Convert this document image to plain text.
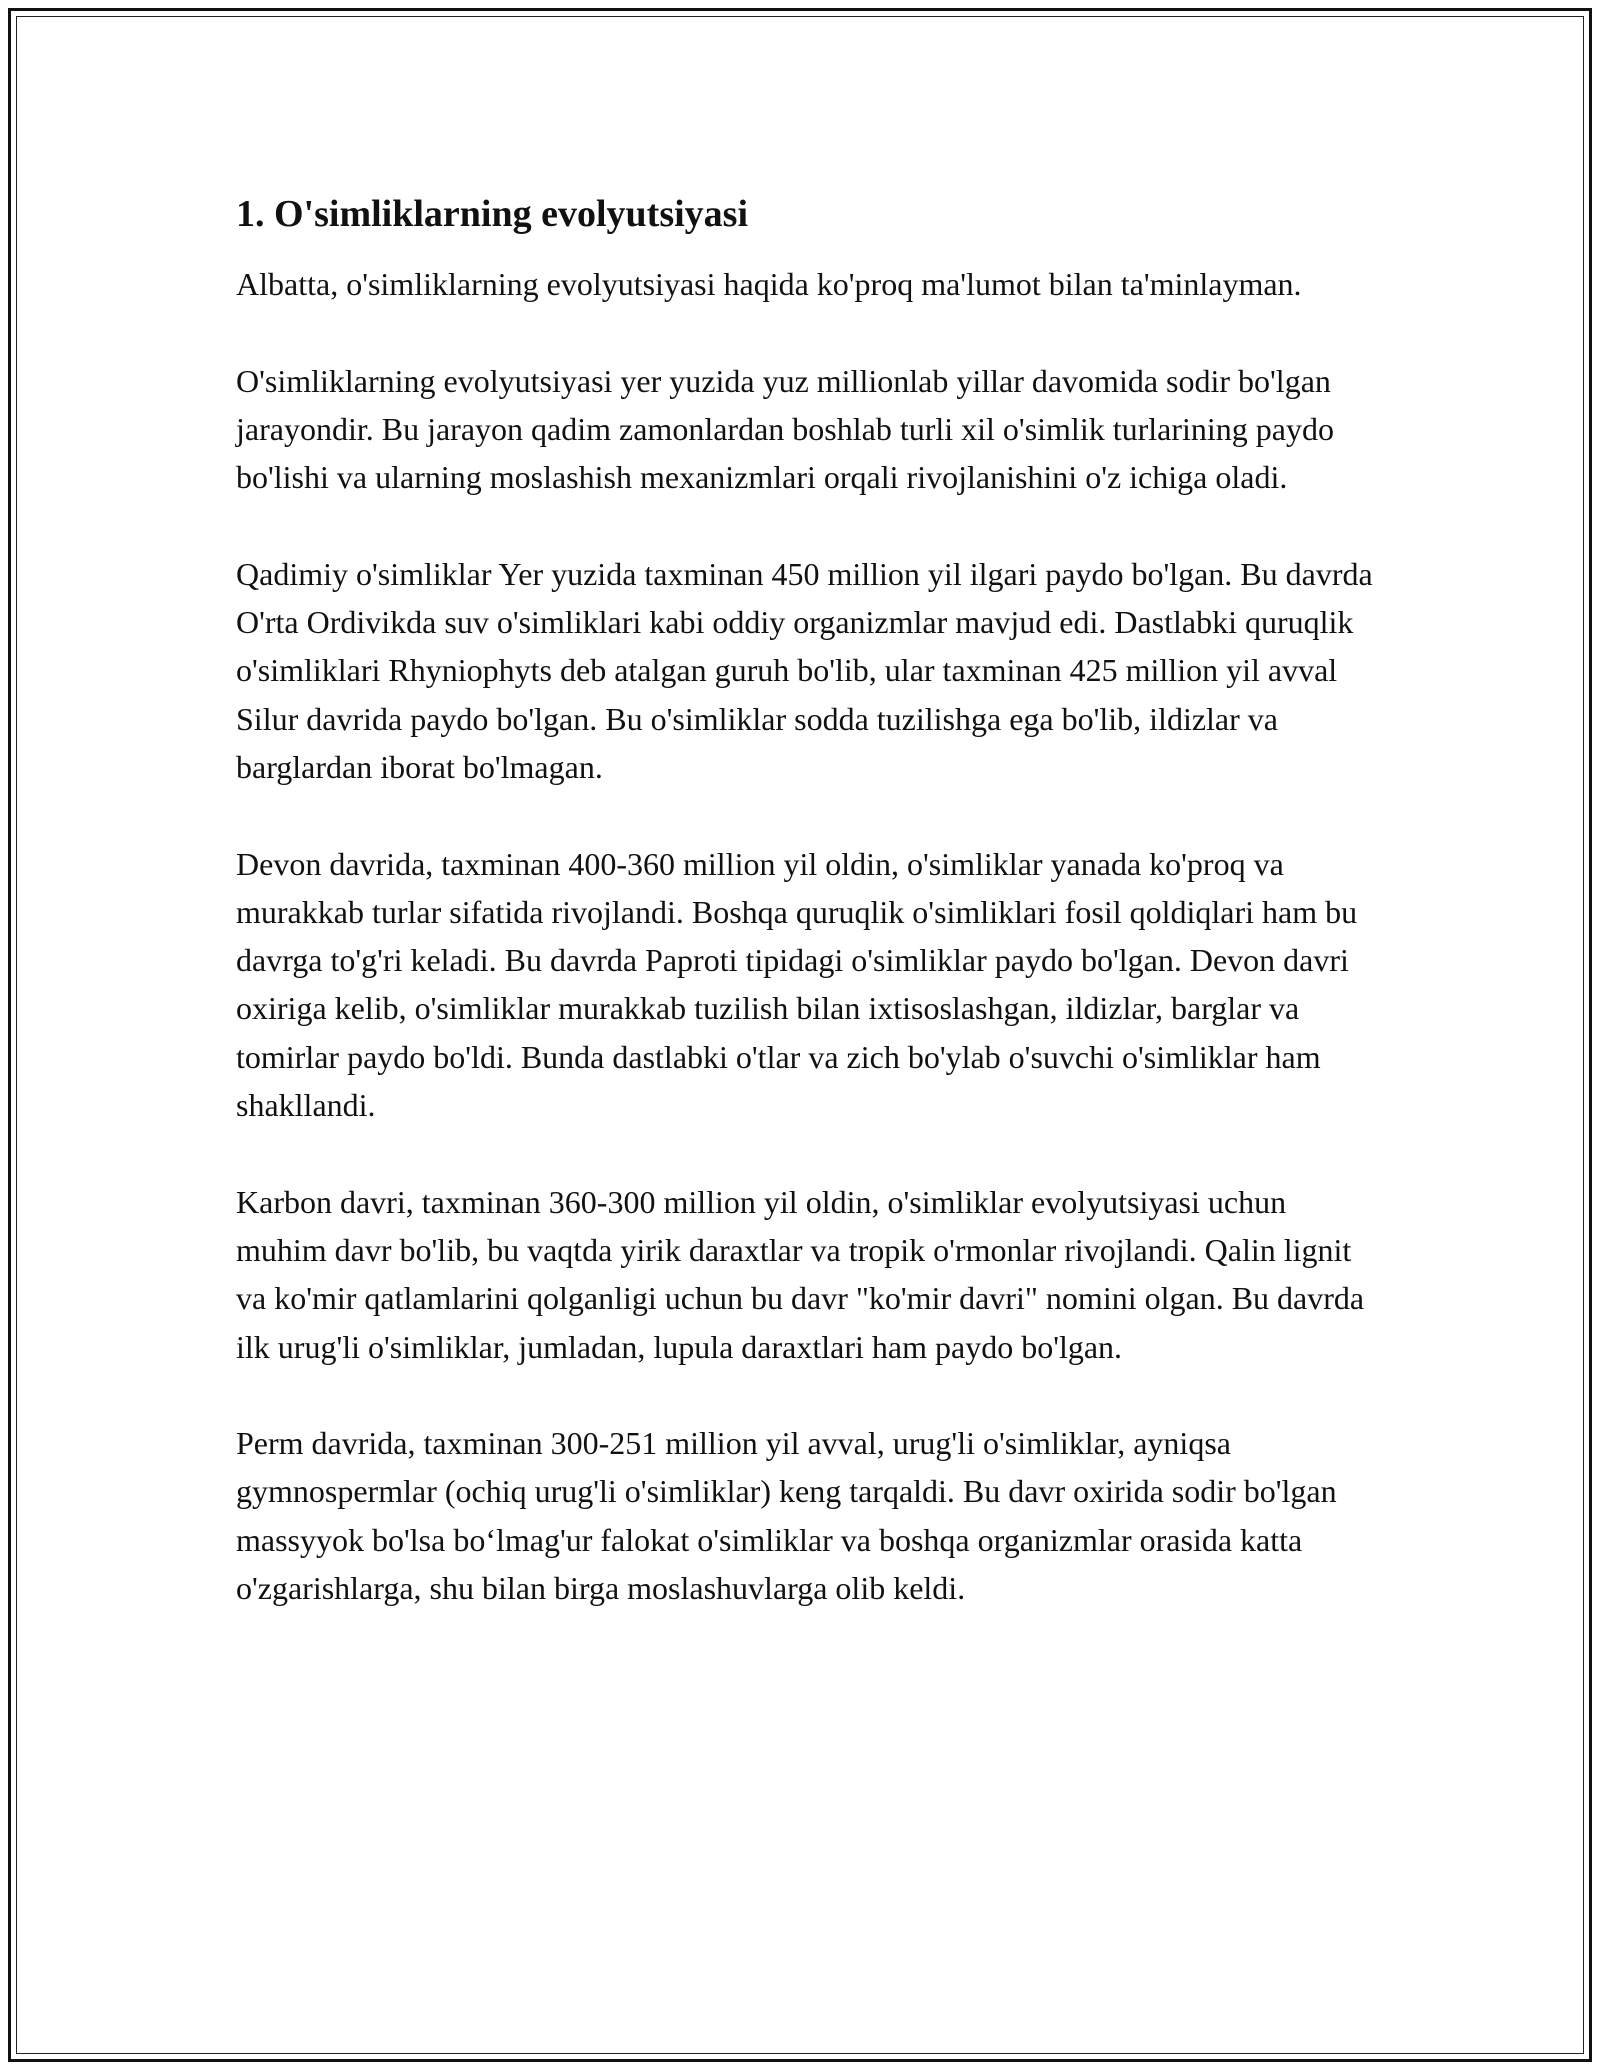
1. O'simliklarning evolyutsiyasi

Albatta, o'simliklarning evolyutsiyasi haqida ko'proq ma'lumot bilan ta'minlayman.

O'simliklarning evolyutsiyasi yer yuzida yuz millionlab yillar davomida sodir bo'lgan jarayondir. Bu jarayon qadim zamonlardan boshlab turli xil o'simlik turlarining paydo bo'lishi va ularning moslashish mexanizmlari orqali rivojlanishini o'z ichiga oladi.

Qadimiy o'simliklar Yer yuzida taxminan 450 million yil ilgari paydo bo'lgan. Bu davrda O'rta Ordivikda suv o'simliklari kabi oddiy organizmlar mavjud edi. Dastlabki quruqlik o'simliklari Rhyniophyts deb atalgan guruh bo'lib, ular taxminan 425 million yil avval Silur davrida paydo bo'lgan. Bu o'simliklar sodda tuzilishga ega bo'lib, ildizlar va barglardan iborat bo'lmagan.

Devon davrida, taxminan 400-360 million yil oldin, o'simliklar yanada ko'proq va murakkab turlar sifatida rivojlandi. Boshqa quruqlik o'simliklari fosil qoldiqlari ham bu davrga to'g'ri keladi. Bu davrda Paproti tipidagi o'simliklar paydo bo'lgan. Devon davri oxiriga kelib, o'simliklar murakkab tuzilish bilan ixtisoslashgan, ildizlar, barglar va tomirlar paydo bo'ldi. Bunda dastlabki o'tlar va zich bo'ylab o'suvchi o'simliklar ham shakllandi.

Karbon davri, taxminan 360-300 million yil oldin, o'simliklar evolyutsiyasi uchun muhim davr bo'lib, bu vaqtda yirik daraxtlar va tropik o'rmonlar rivojlandi. Qalin lignit va ko'mir qatlamlarini qolganligi uchun bu davr "ko'mir davri" nomini olgan. Bu davrda ilk urug'li o'simliklar, jumladan, lupula daraxtlari ham paydo bo'lgan.

Perm davrida, taxminan 300-251 million yil avval, urug'li o'simliklar, ayniqsa gymnospermlar (ochiq urug'li o'simliklar) keng tarqaldi. Bu davr oxirida sodir bo'lgan massyyok bo'lsa bo‘lmag'ur falokat o'simliklar va boshqa organizmlar orasida katta o'zgarishlarga, shu bilan birga moslashuvlarga olib keldi.
